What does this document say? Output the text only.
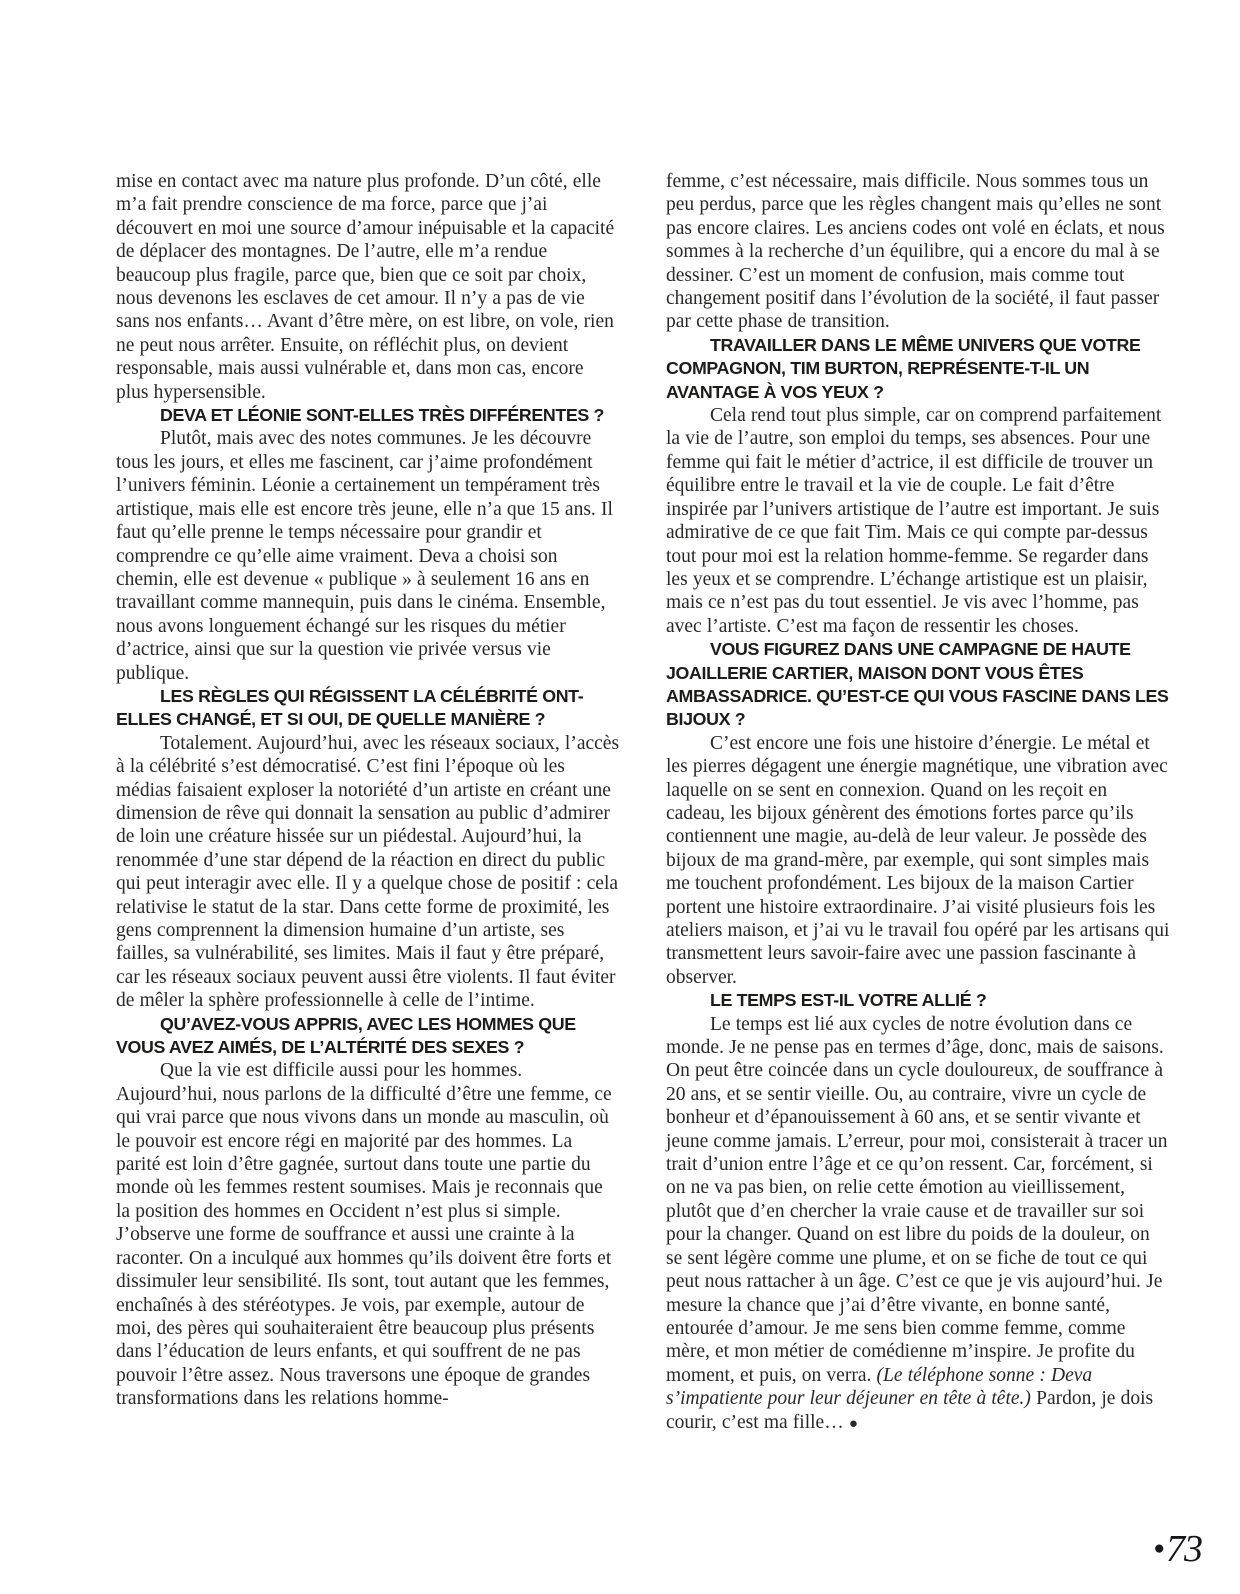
mise en contact avec ma nature plus profonde. D’un côté, elle m’a fait prendre conscience de ma force, parce que j’ai découvert en moi une source d’amour inépuisable et la capacité de déplacer des montagnes. De l’autre, elle m’a rendue beaucoup plus fragile, parce que, bien que ce soit par choix, nous devenons les esclaves de cet amour. Il n’y a pas de vie sans nos enfants… Avant d’être mère, on est libre, on vole, rien ne peut nous arrêter. Ensuite, on réfléchit plus, on devient responsable, mais aussi vulnérable et, dans mon cas, encore plus hypersensible.

DEVA ET LÉONIE SONT-ELLES TRÈS DIFFÉRENTES ?

Plutôt, mais avec des notes communes. Je les découvre tous les jours, et elles me fascinent, car j’aime profondément l’univers féminin. Léonie a certainement un tempérament très artistique, mais elle est encore très jeune, elle n’a que 15 ans. Il faut qu’elle prenne le temps nécessaire pour grandir et comprendre ce qu’elle aime vraiment. Deva a choisi son chemin, elle est devenue « publique » à seulement 16 ans en travaillant comme mannequin, puis dans le cinéma. Ensemble, nous avons longuement échangé sur les risques du métier d’actrice, ainsi que sur la question vie privée versus vie publique.

LES RÈGLES QUI RÉGISSENT LA CÉLÉBRITÉ ONT-ELLES CHANGÉ, ET SI OUI, DE QUELLE MANIÈRE ?

Totalement. Aujourd’hui, avec les réseaux sociaux, l’accès à la célébrité s’est démocratisé. C’est fini l’époque où les médias faisaient exploser la notoriété d’un artiste en créant une dimension de rêve qui donnait la sensation au public d’admirer de loin une créature hissée sur un piédestal. Aujourd’hui, la renommée d’une star dépend de la réaction en direct du public qui peut interagir avec elle. Il y a quelque chose de positif : cela relativise le statut de la star. Dans cette forme de proximité, les gens comprennent la dimension humaine d’un artiste, ses failles, sa vulnérabilité, ses limites. Mais il faut y être préparé, car les réseaux sociaux peuvent aussi être violents. Il faut éviter de mêler la sphère professionnelle à celle de l’intime.

QU’AVEZ-VOUS APPRIS, AVEC LES HOMMES QUE VOUS AVEZ AIMÉS, DE L’ALTÉRITÉ DES SEXES ?

Que la vie est difficile aussi pour les hommes. Aujourd’hui, nous parlons de la difficulté d’être une femme, ce qui vrai parce que nous vivons dans un monde au masculin, où le pouvoir est encore régi en majorité par des hommes. La parité est loin d’être gagnée, surtout dans toute une partie du monde où les femmes restent soumises. Mais je reconnais que la position des hommes en Occident n’est plus si simple. J’observe une forme de souffrance et aussi une crainte à la raconter. On a inculqué aux hommes qu’ils doivent être forts et dissimuler leur sensibilité. Ils sont, tout autant que les femmes, enchaînés à des stéréotypes. Je vois, par exemple, autour de moi, des pères qui souhaiteraient être beaucoup plus présents dans l’éducation de leurs enfants, et qui souffrent de ne pas pouvoir l’être assez. Nous traversons une époque de grandes transformations dans les relations homme-

femme, c’est nécessaire, mais difficile. Nous sommes tous un peu perdus, parce que les règles changent mais qu’elles ne sont pas encore claires. Les anciens codes ont volé en éclats, et nous sommes à la recherche d’un équilibre, qui a encore du mal à se dessiner. C’est un moment de confusion, mais comme tout changement positif dans l’évolution de la société, il faut passer par cette phase de transition.

TRAVAILLER DANS LE MÊME UNIVERS QUE VOTRE COMPAGNON, TIM BURTON, REPRÉSENTE-T-IL UN AVANTAGE À VOS YEUX ?

Cela rend tout plus simple, car on comprend parfaitement la vie de l’autre, son emploi du temps, ses absences. Pour une femme qui fait le métier d’actrice, il est difficile de trouver un équilibre entre le travail et la vie de couple. Le fait d’être inspirée par l’univers artistique de l’autre est important. Je suis admirative de ce que fait Tim. Mais ce qui compte par-dessus tout pour moi est la relation homme-femme. Se regarder dans les yeux et se comprendre. L’échange artistique est un plaisir, mais ce n’est pas du tout essentiel. Je vis avec l’homme, pas avec l’artiste. C’est ma façon de ressentir les choses.

VOUS FIGUREZ DANS UNE CAMPAGNE DE HAUTE JOAILLERIE CARTIER, MAISON DONT VOUS ÊTES AMBASSADRICE. QU’EST-CE QUI VOUS FASCINE DANS LES BIJOUX ?

C’est encore une fois une histoire d’énergie. Le métal et les pierres dégagent une énergie magnétique, une vibration avec laquelle on se sent en connexion. Quand on les reçoit en cadeau, les bijoux génèrent des émotions fortes parce qu’ils contiennent une magie, au-delà de leur valeur. Je possède des bijoux de ma grand-mère, par exemple, qui sont simples mais me touchent profondément. Les bijoux de la maison Cartier portent une histoire extraordinaire. J’ai visité plusieurs fois les ateliers maison, et j’ai vu le travail fou opéré par les artisans qui transmettent leurs savoir-faire avec une passion fascinante à observer.

LE TEMPS EST-IL VOTRE ALLIÉ ?

Le temps est lié aux cycles de notre évolution dans ce monde. Je ne pense pas en termes d’âge, donc, mais de saisons. On peut être coincée dans un cycle douloureux, de souffrance à 20 ans, et se sentir vieille. Ou, au contraire, vivre un cycle de bonheur et d’épanouissement à 60 ans, et se sentir vivante et jeune comme jamais. L’erreur, pour moi, consisterait à tracer un trait d’union entre l’âge et ce qu’on ressent. Car, forcément, si on ne va pas bien, on relie cette émotion au vieillissement, plutôt que d’en chercher la vraie cause et de travailler sur soi pour la changer. Quand on est libre du poids de la douleur, on se sent légère comme une plume, et on se fiche de tout ce qui peut nous rattacher à un âge. C’est ce que je vis aujourd’hui. Je mesure la chance que j’ai d’être vivante, en bonne santé, entourée d’amour. Je me sens bien comme femme, comme mère, et mon métier de comédienne m’inspire. Je profite du moment, et puis, on verra. (Le téléphone sonne : Deva s’impatiente pour leur déjeuner en tête à tête.) Pardon, je dois courir, c’est ma fille… ●

● 73
